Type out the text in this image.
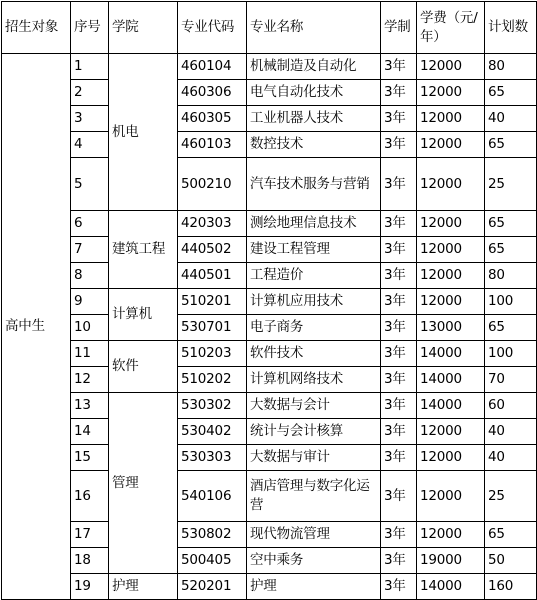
招生对象	序号	学院	专业代码	专业名称	学制	学费（元/年）	计划数
高中生	1	机电	460104	机械制造及自动化	3年	12000	80
	2		460306	电气自动化技术	3年	12000	65
	3		460305	工业机器人技术	3年	12000	40
	4		460103	数控技术	3年	12000	65
	5		500210	汽车技术服务与营销	3年	12000	25
	6	建筑工程	420303	测绘地理信息技术	3年	12000	65
	7		440502	建设工程管理	3年	12000	65
	8		440501	工程造价	3年	12000	80
	9	计算机	510201	计算机应用技术	3年	12000	100
	10		530701	电子商务	3年	13000	65
	11	软件	510203	软件技术	3年	14000	100
	12		510202	计算机网络技术	3年	14000	70
	13	管理	530302	大数据与会计	3年	14000	60
	14		530402	统计与会计核算	3年	12000	40
	15		530303	大数据与审计	3年	12000	40
	16		540106	酒店管理与数字化运营	3年	12000	25
	17		530802	现代物流管理	3年	12000	65
	18		500405	空中乘务	3年	19000	50
	19	护理	520201	护理	3年	14000	160
